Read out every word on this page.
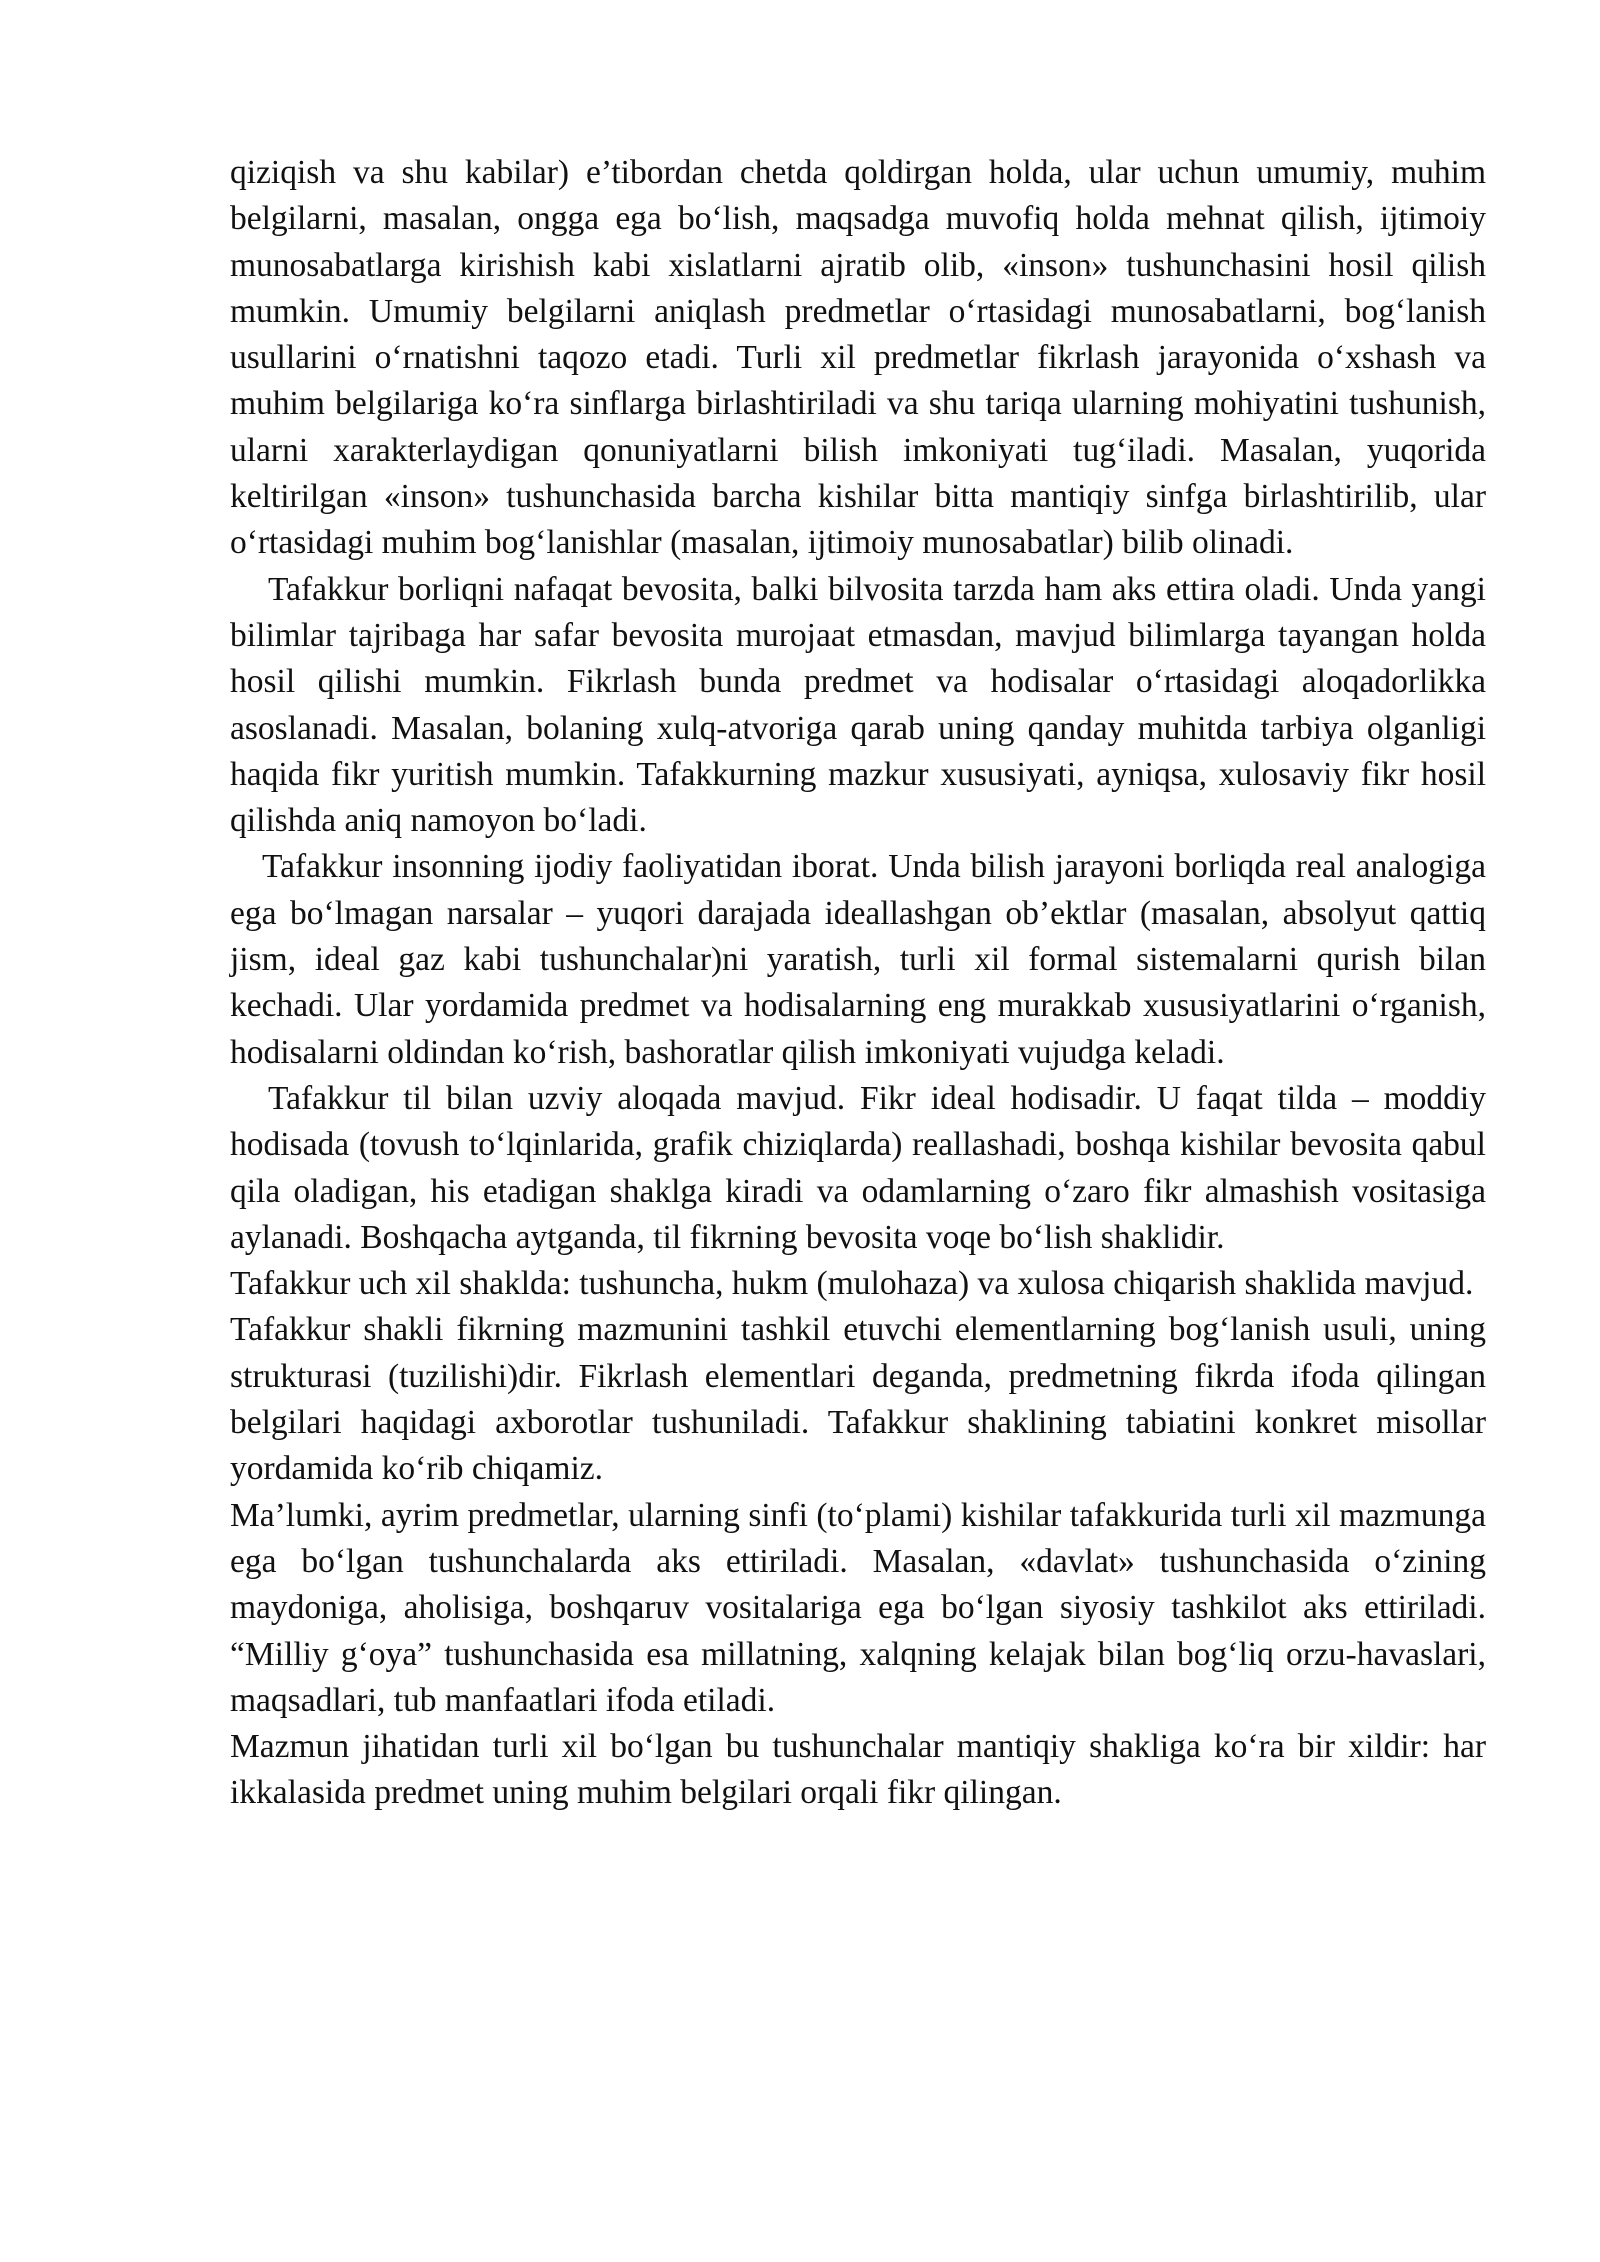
qiziqish va shu kabilar) e’tibordan chetda qoldirgan holda, ular uchun umumiy, muhim belgilarni, masalan, ongga ega bo‘lish, maqsadga muvofiq holda mehnat qilish, ijtimoiy munosabatlarga kirishish kabi xislatlarni ajratib olib, «inson» tushunchasini hosil qilish mumkin. Umumiy belgilarni aniqlash predmetlar o‘rtasidagi munosabatlarni, bog‘lanish usullarini o‘rnatishni taqozo etadi. Turli xil predmetlar fikrlash jarayonida o‘xshash va muhim belgilariga ko‘ra sinflarga birlashtiriladi va shu tariqa ularning mohiyatini tushunish, ularni xarakterlaydigan qonuniyatlarni bilish imkoniyati tug‘iladi. Masalan, yuqorida keltirilgan «inson» tushunchasida barcha kishilar bitta mantiqiy sinfga birlashtirilib, ular o‘rtasidagi muhim bog‘lanishlar (masalan, ijtimoiy munosabatlar) bilib olinadi.

Tafakkur borliqni nafaqat bevosita, balki bilvosita tarzda ham aks ettira oladi. Unda yangi bilimlar tajribaga har safar bevosita murojaat etmasdan, mavjud bilimlarga tayangan holda hosil qilishi mumkin. Fikrlash bunda predmet va hodisalar o‘rtasidagi aloqadorlikka asoslanadi. Masalan, bolaning xulq-atvoriga qarab uning qanday muhitda tarbiya olganligi haqida fikr yuritish mumkin. Tafakkurning mazkur xususiyati, ayniqsa, xulosaviy fikr hosil qilishda aniq namoyon bo‘ladi.

Tafakkur insonning ijodiy faoliyatidan iborat. Unda bilish jarayoni borliqda real analogiga ega bo‘lmagan narsalar – yuqori darajada ideallashgan ob’ektlar (masalan, absolyut qattiq jism, ideal gaz kabi tushunchalar)ni yaratish, turli xil formal sistemalarni qurish bilan kechadi. Ular yordamida predmet va hodisalarning eng murakkab xususiyatlarini o‘rganish, hodisalarni oldindan ko‘rish, bashoratlar qilish imkoniyati vujudga keladi.

Tafakkur til bilan uzviy aloqada mavjud. Fikr ideal hodisadir. U faqat tilda – moddiy hodisada (tovush to‘lqinlarida, grafik chiziqlarda) reallashadi, boshqa kishilar bevosita qabul qila oladigan, his etadigan shaklga kiradi va odamlarning o‘zaro fikr almashish vositasiga aylanadi. Boshqacha aytganda, til fikrning bevosita voqe bo‘lish shaklidir.

Tafakkur uch xil shaklda: tushuncha, hukm (mulohaza) va xulosa chiqarish shaklida mavjud.

Tafakkur shakli fikrning mazmunini tashkil etuvchi elementlarning bog‘lanish usuli, uning strukturasi (tuzilishi)dir. Fikrlash elementlari deganda, predmetning fikrda ifoda qilingan belgilari haqidagi axborotlar tushuniladi. Tafakkur shaklining tabiatini konkret misollar yordamida ko‘rib chiqamiz.

Ma’lumki, ayrim predmetlar, ularning sinfi (to‘plami) kishilar tafakkurida turli xil mazmunga ega bo‘lgan tushunchalarda aks ettiriladi. Masalan, «davlat» tushunchasida o‘zining maydoniga, aholisiga, boshqaruv vositalariga ega bo‘lgan siyosiy tashkilot aks ettiriladi. “Milliy g‘oya” tushunchasida esa millatning, xalqning kelajak bilan bog‘liq orzu-havaslari, maqsadlari, tub manfaatlari ifoda etiladi.

Mazmun jihatidan turli xil bo‘lgan bu tushunchalar mantiqiy shakliga ko‘ra bir xildir: har ikkalasida predmet uning muhim belgilari orqali fikr qilingan.
